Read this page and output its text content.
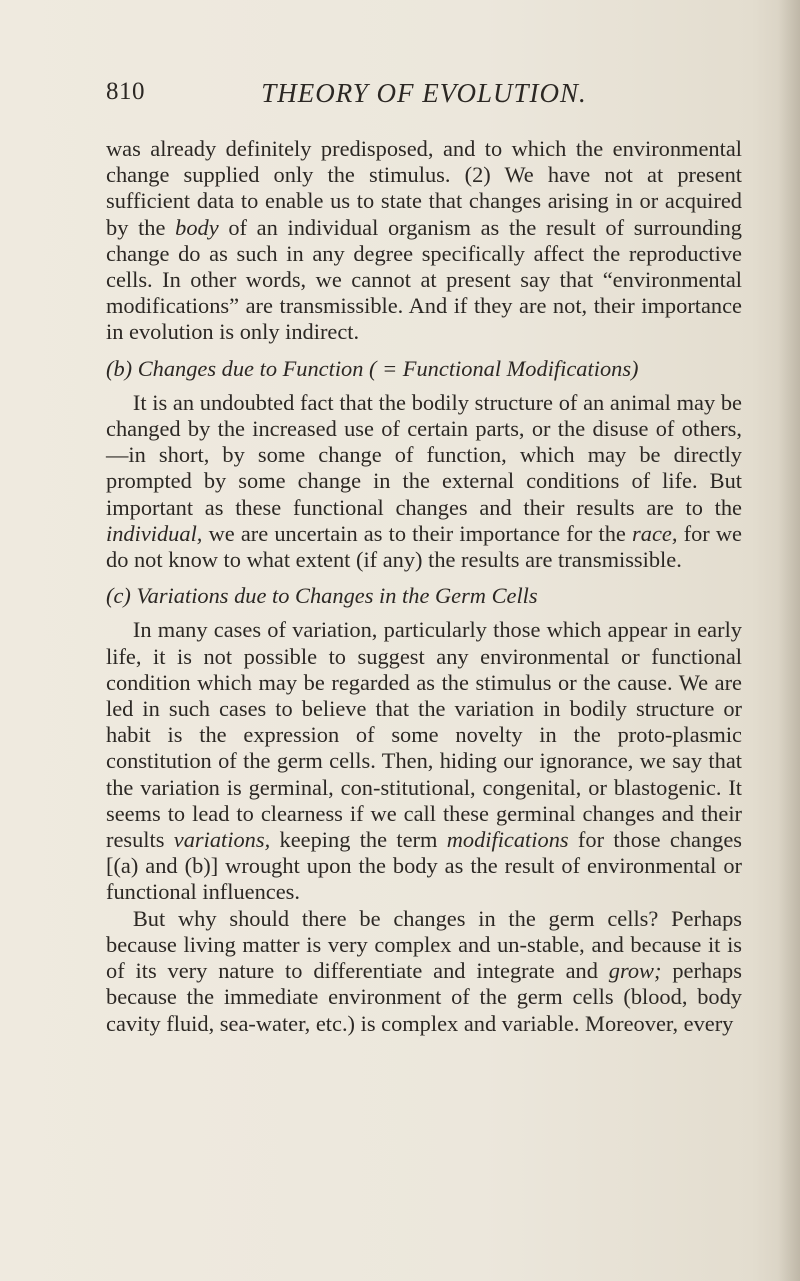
810	THEORY OF EVOLUTION.

was already definitely predisposed, and to which the environmental change supplied only the stimulus. (2) We have not at present sufficient data to enable us to state that changes arising in or acquired by the body of an individual organism as the result of surrounding change do as such in any degree specifically affect the reproductive cells. In other words, we cannot at present say that “environmental modifications” are transmissible. And if they are not, their importance in evolution is only indirect.

(b) Changes due to Function ( = Functional Modifications)

It is an undoubted fact that the bodily structure of an animal may be changed by the increased use of certain parts, or the disuse of others,—in short, by some change of function, which may be directly prompted by some change in the external conditions of life. But important as these functional changes and their results are to the individual, we are uncertain as to their importance for the race, for we do not know to what extent (if any) the results are transmissible.

(c) Variations due to Changes in the Germ Cells

In many cases of variation, particularly those which appear in early life, it is not possible to suggest any environmental or functional condition which may be regarded as the stimulus or the cause. We are led in such cases to believe that the variation in bodily structure or habit is the expression of some novelty in the proto-plasmic constitution of the germ cells. Then, hiding our ignorance, we say that the variation is germinal, con-stitutional, congenital, or blastogenic. It seems to lead to clearness if we call these germinal changes and their results variations, keeping the term modifications for those changes [(a) and (b)] wrought upon the body as the result of environmental or functional influences.

But why should there be changes in the germ cells? Perhaps because living matter is very complex and un-stable, and because it is of its very nature to differentiate and integrate and grow; perhaps because the immediate environment of the germ cells (blood, body cavity fluid, sea-water, etc.) is complex and variable. Moreover, every
